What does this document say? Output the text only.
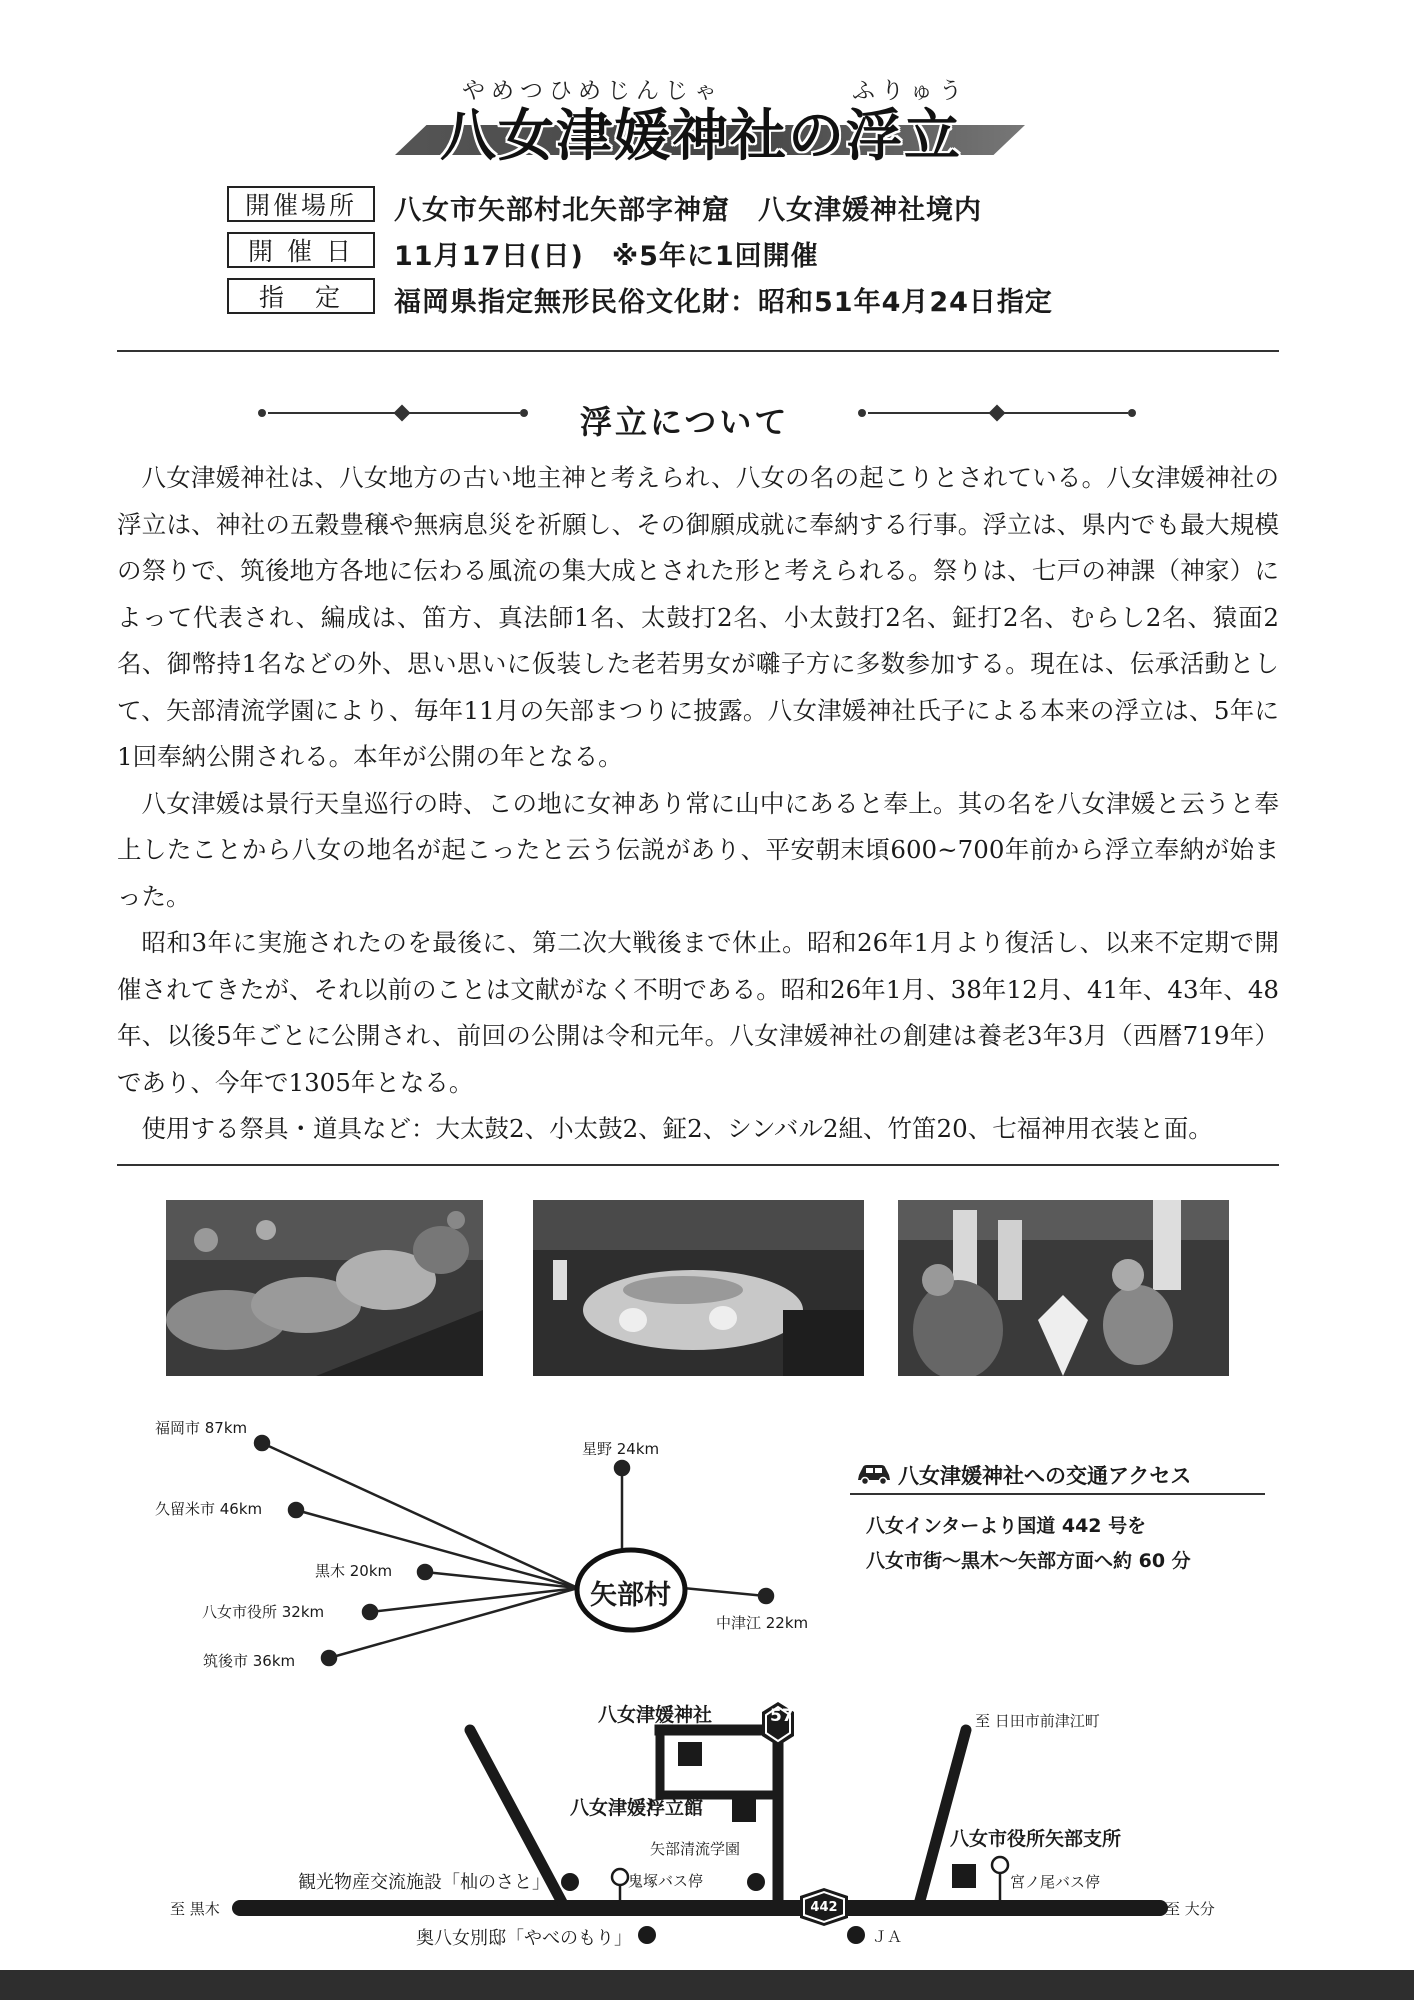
やめつひめじんじゃ	ふりゅう
八女津媛神社の浮立
開催場所 八女市矢部村北矢部字神窟　八女津媛神社境内
開 催 日 11月17日(日)　※5年に1回開催
指　定 福岡県指定無形民俗文化財：昭和51年4月24日指定
浮立について

八女津媛神社は、八女地方の古い地主神と考えられ、八女の名の起こりとされている。八女津媛神社の浮立は、神社の五穀豊穣や無病息災を祈願し、その御願成就に奉納する行事。浮立は、県内でも最大規模の祭りで、筑後地方各地に伝わる風流の集大成とされた形と考えられる。祭りは、七戸の神課（神家）によって代表され、編成は、笛方、真法師1名、太鼓打2名、小太鼓打2名、鉦打2名、むらし2名、猿面2名、御幣持1名などの外、思い思いに仮装した老若男女が囃子方に多数参加する。現在は、伝承活動として、矢部清流学園により、毎年11月の矢部まつりに披露。八女津媛神社氏子による本来の浮立は、5年に1回奉納公開される。本年が公開の年となる。

八女津媛は景行天皇巡行の時、この地に女神あり常に山中にあると奉上。其の名を八女津媛と云うと奉上したことから八女の地名が起こったと云う伝説があり、平安朝末頃600~700年前から浮立奉納が始まった。

昭和3年に実施されたのを最後に、第二次大戦後まで休止。昭和26年1月より復活し、以来不定期で開催されてきたが、それ以前のことは文献がなく不明である。昭和26年1月、38年12月、41年、43年、48年、以後5年ごとに公開され、前回の公開は令和元年。八女津媛神社の創建は養老3年3月（西暦719年）であり、今年で1305年となる。

使用する祭具・道具など：大太鼓2、小太鼓2、鉦2、シンバル2組、竹笛20、七福神用衣装と面。

矢部村
福岡市 87km
久留米市 46km
黒木 20km
八女市役所 32km
筑後市 36km
星野 24km
中津江 22km
八女津媛神社への交通アクセス
八女インターより国道 442 号を
八女市街～黒木～矢部方面へ約 60 分
57
442
八女津媛神社
八女津媛浮立館
矢部清流学園
鬼塚バス停
観光物産交流施設「杣のさと」
至 黒木
奥八女別邸「やべのもり」	ＪＡ
至 日田市前津江町
八女市役所矢部支所
宮ノ尾バス停
至 大分
